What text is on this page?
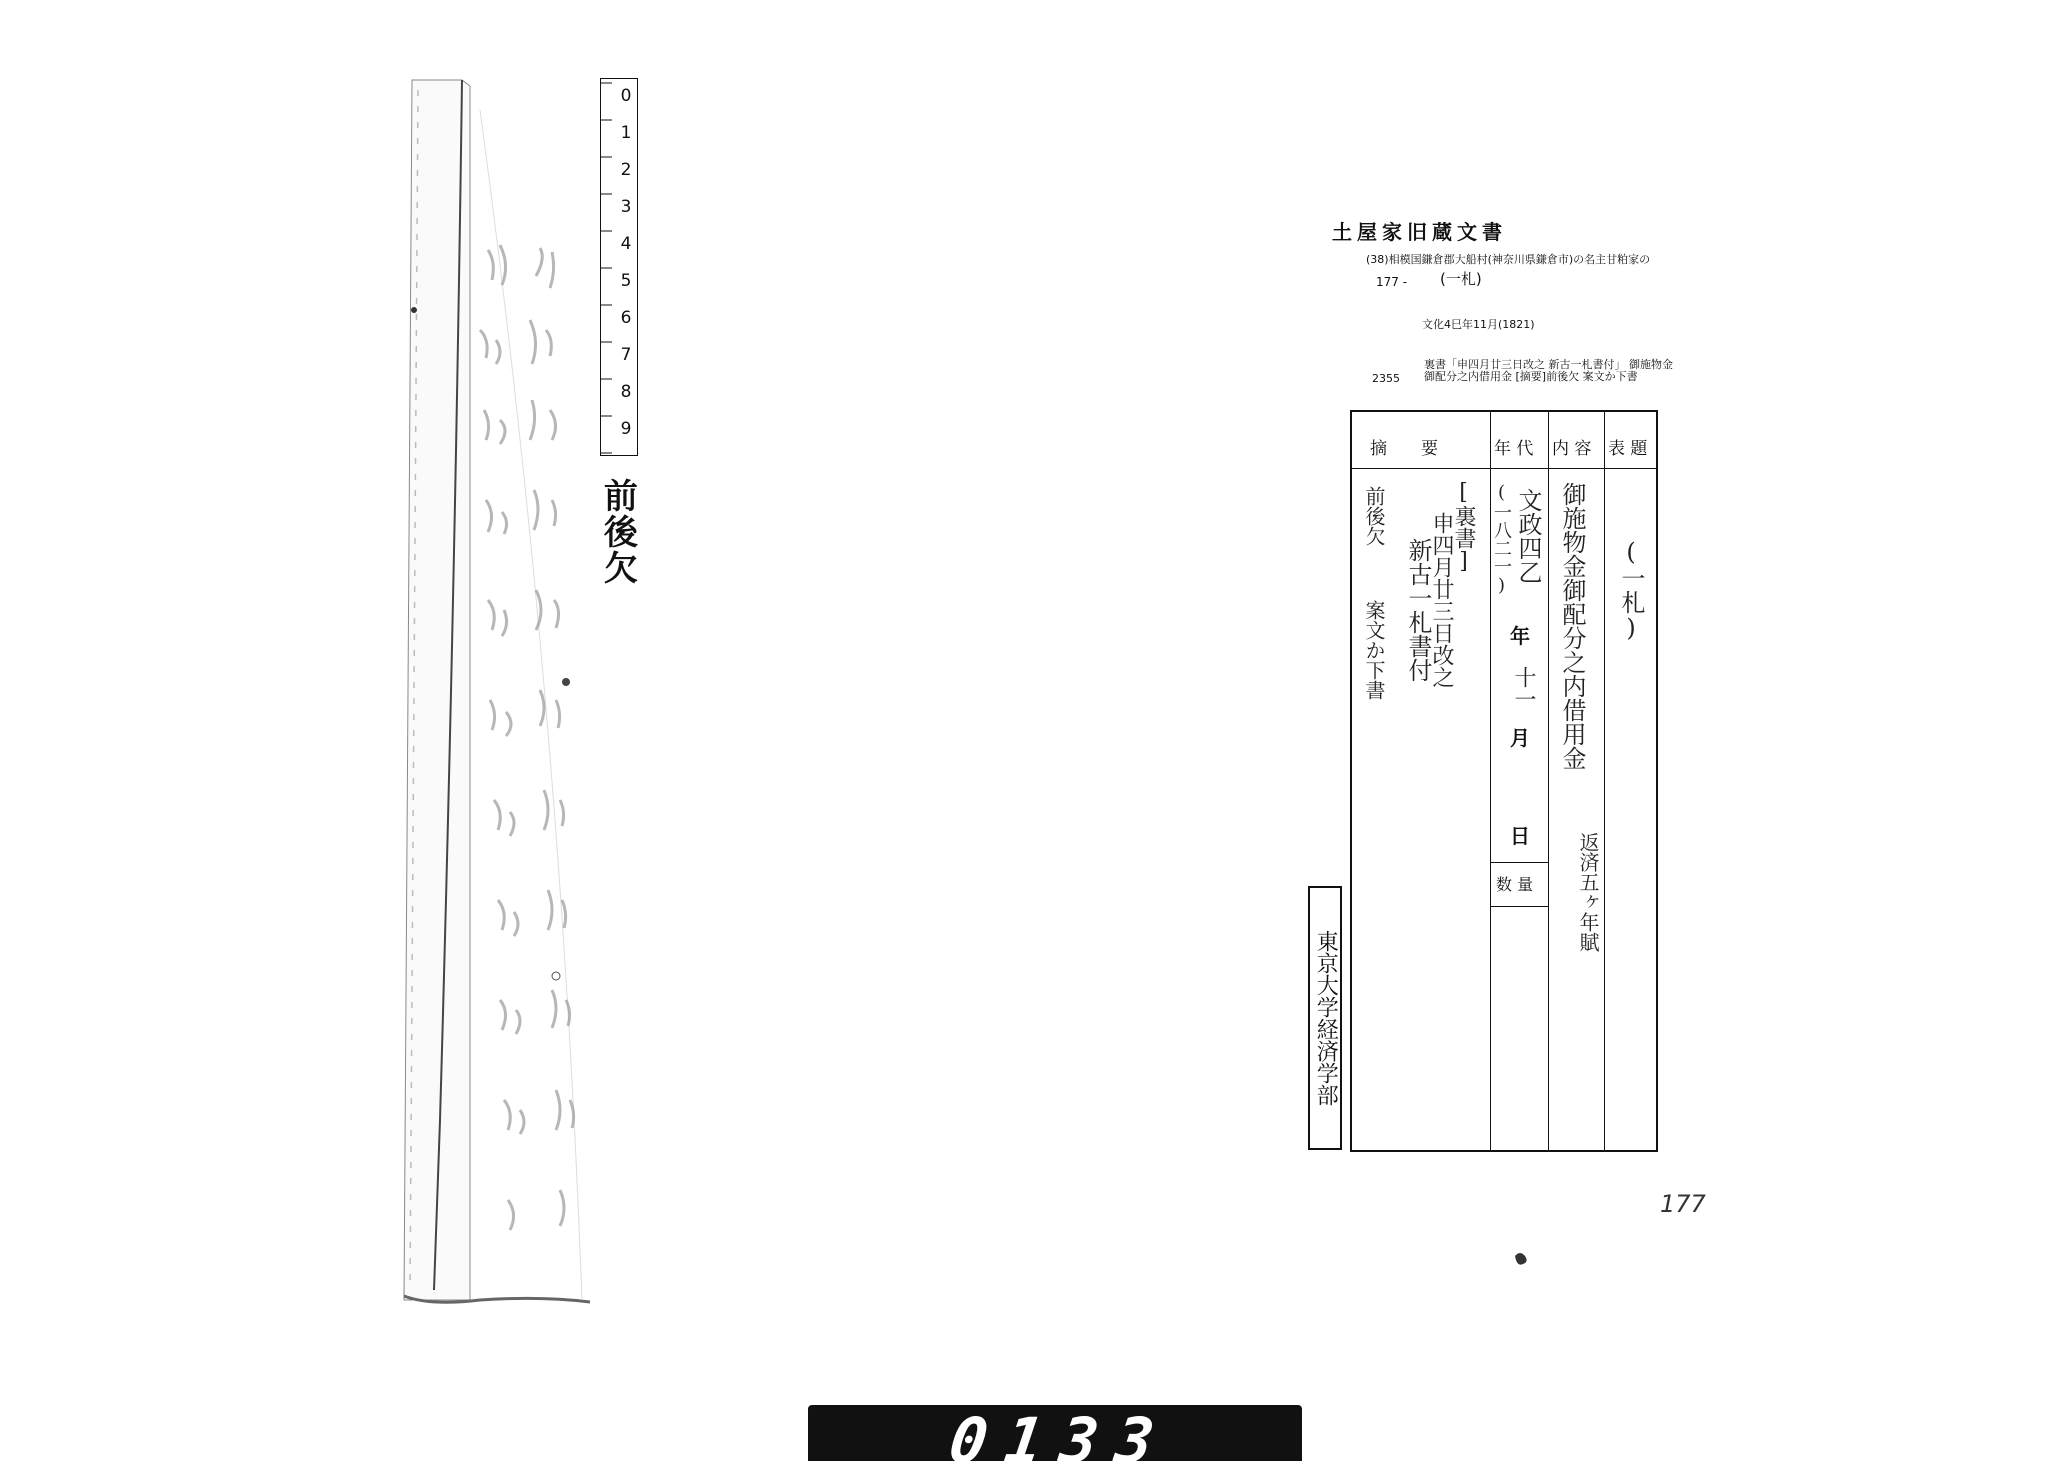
0
1
2
3
4
5
6
7
8
9
前後欠
土屋家旧蔵文書
(38)相模国鎌倉郡大船村(神奈川県鎌倉市)の名主甘粕家の
177 - (一札)
文化4巳年11月(1821)
2355
裏書「申四月廿三日改之 新古一札書付」 御施物金
御配分之内借用金 [摘要]前後欠 案文か下書
摘　　要	年 代 内 容 表 題
数 量
(一札)
御施物金御配分之内借用金
返済五ヶ年賦
文政四乙
(一八二一)
年
十一
月
日
[裏書]
申四月廿三日改之
新古一札書付
前後欠
案文か下書
東京大学経済学部
177
0133
